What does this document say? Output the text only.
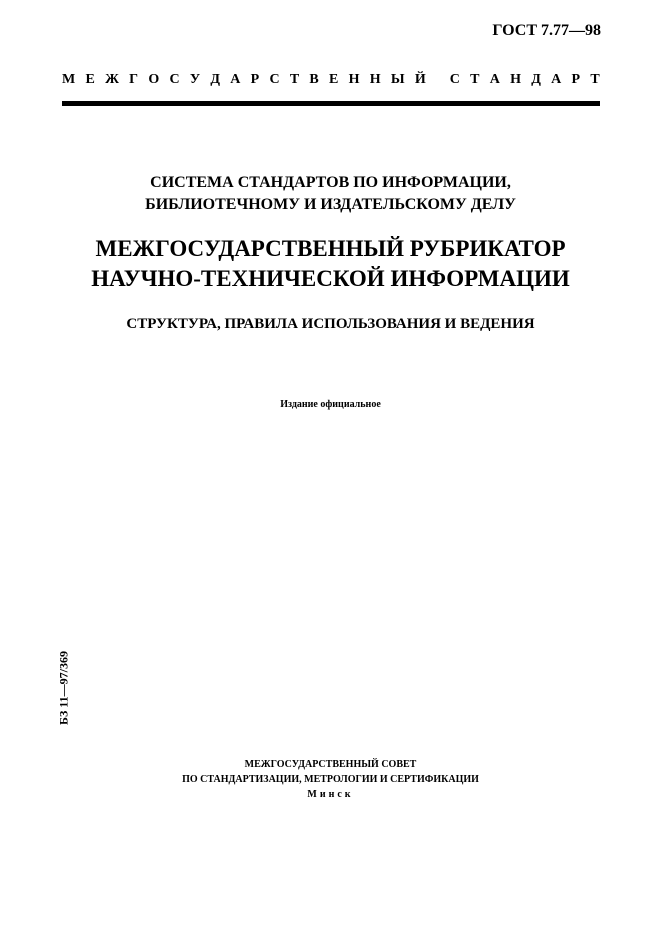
ГОСТ 7.77—98
М Е Ж Г О С У Д А Р С Т В Е Н Н Ы Й
С Т А Н Д А Р Т
СИСТЕМА СТАНДАРТОВ ПО ИНФОРМАЦИИ,
БИБЛИОТЕЧНОМУ И ИЗДАТЕЛЬСКОМУ ДЕЛУ
МЕЖГОСУДАРСТВЕННЫЙ РУБРИКАТОР
НАУЧНО-ТЕХНИЧЕСКОЙ ИНФОРМАЦИИ
СТРУКТУРА, ПРАВИЛА ИСПОЛЬЗОВАНИЯ И ВЕДЕНИЯ
Издание официальное
БЗ 11—97/369
МЕЖГОСУДАРСТВЕННЫЙ СОВЕТ
ПО СТАНДАРТИЗАЦИИ, МЕТРОЛОГИИ И СЕРТИФИКАЦИИ
Минск
